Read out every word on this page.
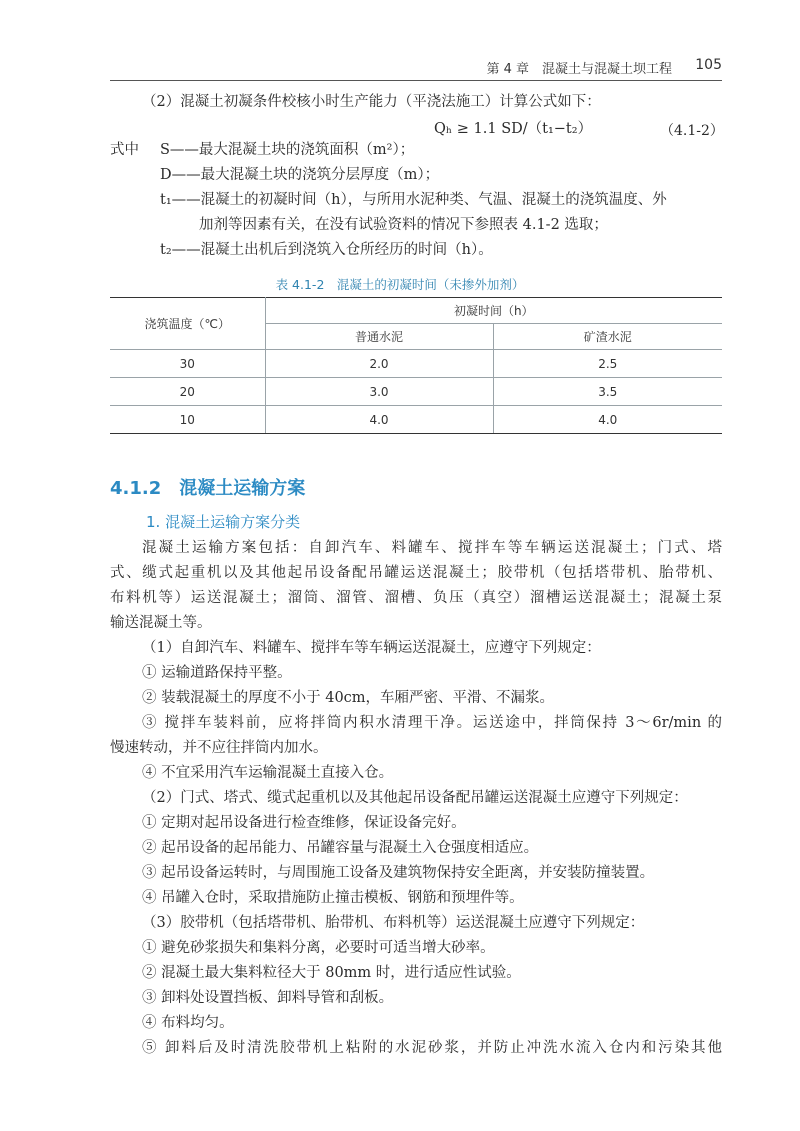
第 4 章　混凝土与混凝土坝工程 105
（2）混凝土初凝条件校核小时生产能力（平浇法施工）计算公式如下：
Qₕ ≥ 1.1 SD/（t₁−t₂）	（4.1-2）
式中 S——最大混凝土块的浇筑面积（m²）；
D——最大混凝土块的浇筑分层厚度（m）；
t₁——混凝土的初凝时间（h），与所用水泥种类、气温、混凝土的浇筑温度、外
加剂等因素有关，在没有试验资料的情况下参照表 4.1-2 选取；
t₂——混凝土出机后到浇筑入仓所经历的时间（h）。
表 4.1-2　混凝土的初凝时间（未掺外加剂）
浇筑温度（℃）	初凝时间（h）	
	普通水泥	矿渣水泥
30	2.0	2.5
20	3.0	3.5
10	4.0	4.0
4.1.2　混凝土运输方案
1. 混凝土运输方案分类
混凝土运输方案包括：自卸汽车、料罐车、搅拌车等车辆运送混凝土；门式、塔
式、缆式起重机以及其他起吊设备配吊罐运送混凝土；胶带机（包括塔带机、胎带机、
布料机等）运送混凝土；溜筒、溜管、溜槽、负压（真空）溜槽运送混凝土；混凝土泵
输送混凝土等。
（1）自卸汽车、料罐车、搅拌车等车辆运送混凝土，应遵守下列规定：
① 运输道路保持平整。
② 装载混凝土的厚度不小于 40cm，车厢严密、平滑、不漏浆。
③ 搅拌车装料前，应将拌筒内积水清理干净。运送途中，拌筒保持 3～6r/min 的
慢速转动，并不应往拌筒内加水。
④ 不宜采用汽车运输混凝土直接入仓。
（2）门式、塔式、缆式起重机以及其他起吊设备配吊罐运送混凝土应遵守下列规定：
① 定期对起吊设备进行检查维修，保证设备完好。
② 起吊设备的起吊能力、吊罐容量与混凝土入仓强度相适应。
③ 起吊设备运转时，与周围施工设备及建筑物保持安全距离，并安装防撞装置。
④ 吊罐入仓时，采取措施防止撞击模板、钢筋和预埋件等。
（3）胶带机（包括塔带机、胎带机、布料机等）运送混凝土应遵守下列规定：
① 避免砂浆损失和集料分离，必要时可适当增大砂率。
② 混凝土最大集料粒径大于 80mm 时，进行适应性试验。
③ 卸料处设置挡板、卸料导管和刮板。
④ 布料均匀。
⑤ 卸料后及时清洗胶带机上粘附的水泥砂浆，并防止冲洗水流入仓内和污染其他
